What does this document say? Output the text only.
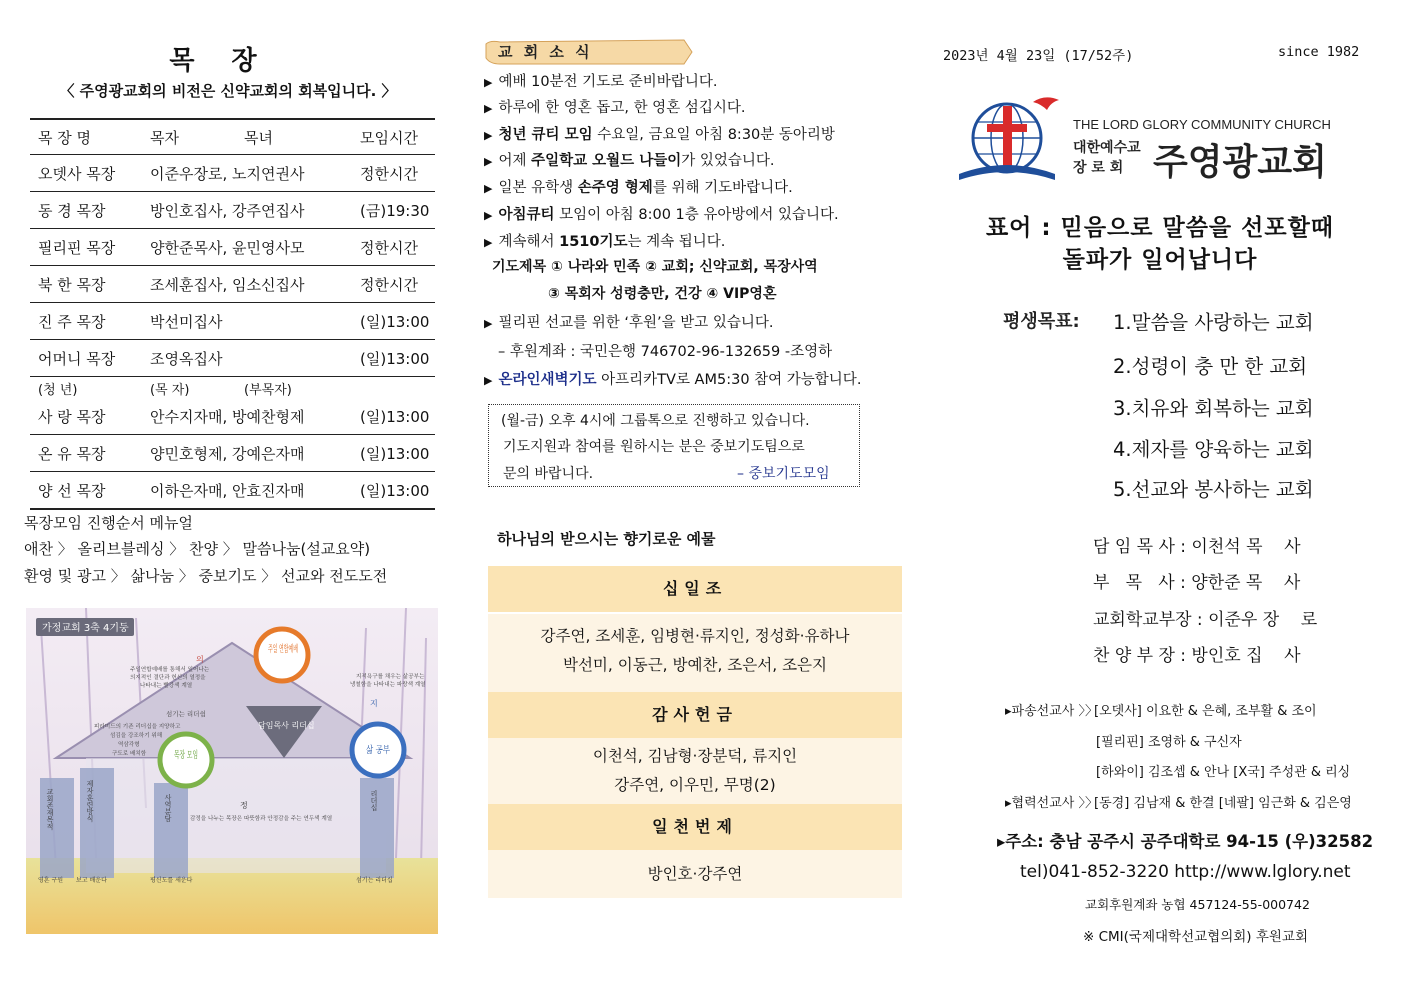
목 장
〈 주영광교회의 비전은 신약교회의 회복입니다. 〉
목 장 명	목자	목녀	모임시간
오뎃사 목장	이준우장로, 노지연권사		정한시간
동 경 목장	방인호집사, 강주연집사		(금)19:30
필리핀 목장	양한준목사, 윤민영사모		정한시간
북 한 목장	조세훈집사, 임소신집사		정한시간
진 주 목장	박선미집사		(일)13:00
어머니 목장	조영옥집사		(일)13:00
(청 년)	(목 자)	(부목자)	
사 랑 목장	안수지자매, 방예찬형제		(일)13:00
온 유 목장	양민호형제, 강예은자매		(일)13:00
양 선 목장	이하은자매, 안효진자매		(일)13:00
목장모임 진행순서 메뉴얼
애찬 〉 올리브블레싱 〉 찬양 〉 말씀나눔(설교요약)
환영 및 광고 〉 삶나눔 〉 중보기도 〉 선교와 전도도전
가정교회 3축 4기둥
주일 연합예배
목장 모임	삶 공부
담임목사 리더십
의
지
정
주일연합예배를 통해서 일어나는
의지적인 결단과 헌신의 열정을
나타내는 빨강색 계열
지적욕구를 채우는 삶공부는
냉철함을 나타내는 파랑색 계열
섬기는 리더쉽
피라미드의 기존 리더십을 지양하고
섬김을 강조하기 위해
역삼각형
구도로 배치함
감정을 나누는 목장은 따뜻함과 안정감을 주는 연두색 계열
교회존재목적	제자훈련방식	사역분담	리더십
영혼 구원 보고 배운다	평신도를 세운다	섬기는 리더십
교 회 소 식
▶ 예배 10분전 기도로 준비바랍니다.
▶ 하루에 한 영혼 돕고, 한 영혼 섬깁시다.
▶ 청년 큐티 모임 수요일, 금요일 아침 8:30분 동아리방
▶ 어제 주일학교 오월드 나들이가 있었습니다.
▶ 일본 유학생 손주영 형제를 위해 기도바랍니다.
▶ 아침큐티 모임이 아침 8:00 1층 유아방에서 있습니다.
▶ 계속해서 1510기도는 계속 됩니다.
기도제목 ① 나라와 민족 ② 교회; 신약교회, 목장사역
③ 목회자 성령충만, 건강 ④ VIP영혼
▶ 필리핀 선교를 위한 ‘후원’을 받고 있습니다.
– 후원계좌 : 국민은행 746702-96-132659 -조영하
▶ 온라인새벽기도 아프리카TV로 AM5:30 참여 가능합니다.
(월-금) 오후 4시에 그룹톡으로 진행하고 있습니다.
기도지원과 참여를 원하시는 분은 중보기도팀으로
문의 바랍니다.	– 중보기도모임
하나님의 받으시는 향기로운 예물
십일조
강주연, 조세훈, 임병현·류지인, 정성화·유하나
박선미, 이동근, 방예찬, 조은서, 조은지
감사헌금
이천석, 김남형·장분덕, 류지인
강주연, 이우민, 무명(2)
일천번제
방인호·강주연
2023년 4월 23일 (17/52주)	since 1982
THE LORD GLORY COMMUNITY CHURCH
대한예수교
장 로 회 주영광교회
표어 : 믿음으로 말씀을 선포할때
돌파가 일어납니다
평생목표: 1.말씀을 사랑하는 교회
2.성령이 충 만 한 교회
3.치유와 회복하는 교회
4.제자를 양육하는 교회
5.선교와 봉사하는 교회
담 임 목 사 : 이천석 목    사
부   목   사 : 양한준 목    사
교회학교부장 : 이준우 장    로
찬 양 부 장 : 방인호 집    사
▸파송선교사 〉〉
[오뎃사] 이요한 & 은혜, 조부활 & 조이
[필리핀] 조영하 & 구신자
[하와이] 김조셉 & 안나 [X국] 주성관 & 리싱
▸협력선교사 〉〉
[동경] 김남재 & 한결 [네팔] 임근화 & 김은영
▸주소: 충남 공주시 공주대학로 94-15 (우)32582
tel)041-852-3220 http://www.lglory.net
교회후원계좌 농협 457124-55-000742
※ CMI(국제대학선교협의회) 후원교회
